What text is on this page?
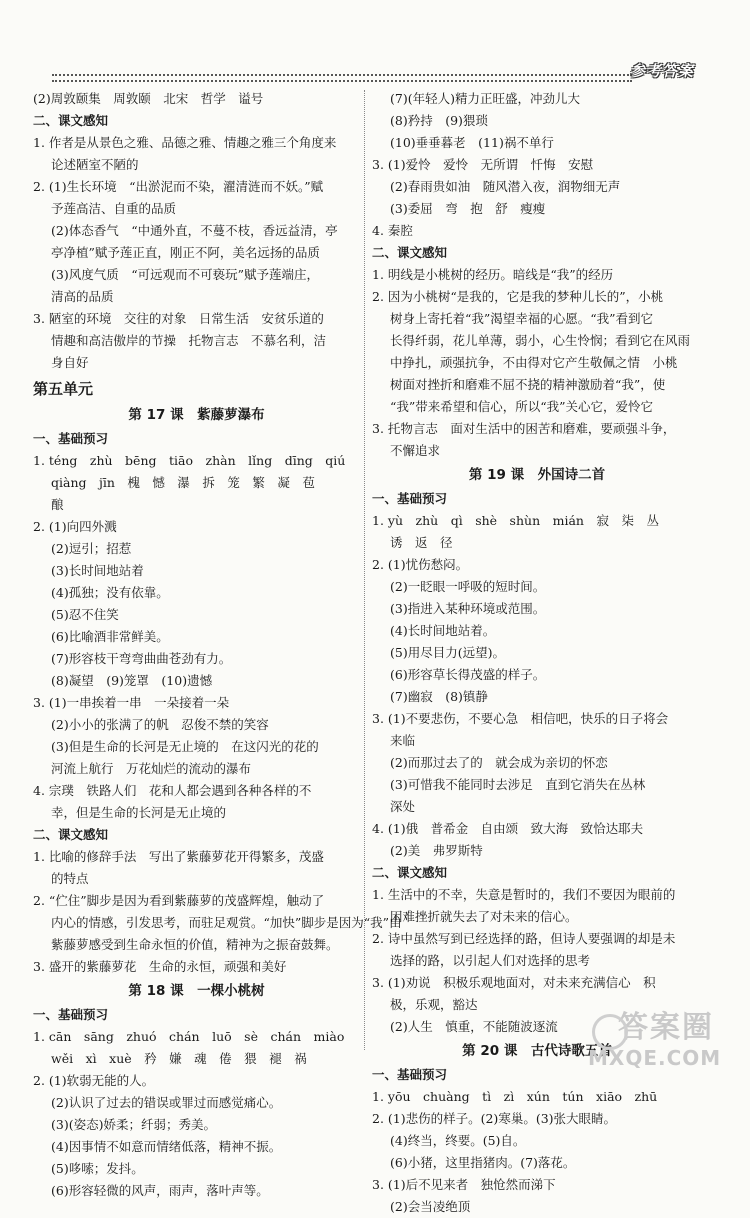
参考答案
(2)周敦颐集　周敦颐　北宋　哲学　谥号
二、课文感知
1. 作者是从景色之雅、品德之雅、情趣之雅三个角度来
论述陋室不陋的
2. (1)生长环境　“出淤泥而不染，濯清涟而不妖。”赋
予莲高洁、自重的品质
(2)体态香气　“中通外直，不蔓不枝，香远益清，亭
亭净植”赋予莲正直，刚正不阿，美名远扬的品质
(3)风度气质　“可远观而不可亵玩”赋予莲端庄，
清高的品质
3. 陋室的环境　交往的对象　日常生活　安贫乐道的
情趣和高洁傲岸的节操　托物言志　不慕名利，洁
身自好
第五单元
第 17 课　紫藤萝瀑布
一、基础预习
1. téng　zhù　bēng　tiāo　zhàn　lǐng　dīng　qiú
qiàng　jīn　槐　憾　瀑　拆　笼　繁　凝　苞
酿
2. (1)向四外溅
(2)逗引；招惹
(3)长时间地站着
(4)孤独；没有依靠。
(5)忍不住笑
(6)比喻酒非常鲜美。
(7)形容枝干弯弯曲曲苍劲有力。
(8)凝望　(9)笼罩　(10)遗憾
3. (1)一串挨着一串　一朵接着一朵
(2)小小的张满了的帆　忍俊不禁的笑容
(3)但是生命的长河是无止境的　在这闪光的花的
河流上航行　万花灿烂的流动的瀑布
4. 宗璞　铁路人们　花和人都会遇到各种各样的不
幸，但是生命的长河是无止境的
二、课文感知
1. 比喻的修辞手法　写出了紫藤萝花开得繁多，茂盛
的特点
2. “伫住”脚步是因为看到紫藤萝的茂盛辉煌，触动了
内心的情感，引发思考，而驻足观赏。“加快”脚步是因为“我”由
紫藤萝感受到生命永恒的价值，精神为之振奋鼓舞。
3. 盛开的紫藤萝花　生命的永恒，顽强和美好
第 18 课　一棵小桃树
一、基础预习
1. cān　sāng　zhuó　chán　luō　sè　chán　miào
wěi　xì　xuè　矜　嫌　魂　倦　猥　褪　祸
2. (1)软弱无能的人。
(2)认识了过去的错误或罪过而感觉痛心。
(3)(姿态)娇柔；纤弱；秀美。
(4)因事情不如意而情绪低落，精神不振。
(5)哆嗦；发抖。
(6)形容轻微的风声，雨声，落叶声等。
(7)(年轻人)精力正旺盛，冲劲儿大
(8)矜持　(9)猥琐
(10)垂垂暮老　(11)祸不单行
3. (1)爱怜　爱怜　无所谓　忏悔　安慰
(2)春雨贵如油　随风潜入夜，润物细无声
(3)委屈　弯　抱　舒　瘦瘦
4. 秦腔
二、课文感知
1. 明线是小桃树的经历。暗线是“我”的经历
2. 因为小桃树“是我的，它是我的梦种儿长的”，小桃
树身上寄托着“我”渴望幸福的心愿。“我”看到它
长得纤弱，花儿单薄，弱小，心生怜悯；看到它在风雨
中挣扎，顽强抗争，不由得对它产生敬佩之情　小桃
树面对挫折和磨难不屈不挠的精神激励着“我”，使
“我”带来希望和信心，所以“我”关心它，爱怜它
3. 托物言志　面对生活中的困苦和磨难，要顽强斗争，
不懈追求
第 19 课　外国诗二首
一、基础预习
1. yù　zhù　qì　shè　shùn　mián　寂　柒　丛
诱　返　径
2. (1)忧伤愁闷。
(2)一眨眼一呼吸的短时间。
(3)指进入某种环境或范围。
(4)长时间地站着。
(5)用尽目力(远望)。
(6)形容草长得茂盛的样子。
(7)幽寂　(8)镇静
3. (1)不要悲伤，不要心急　相信吧，快乐的日子将会
来临
(2)而那过去了的　就会成为亲切的怀恋
(3)可惜我不能同时去涉足　直到它消失在丛林
深处
4. (1)俄　普希金　自由颂　致大海　致恰达耶夫
(2)美　弗罗斯特
二、课文感知
1. 生活中的不幸，失意是暂时的，我们不要因为眼前的
困难挫折就失去了对未来的信心。
2. 诗中虽然写到已经选择的路，但诗人要强调的却是未
选择的路，以引起人们对选择的思考
3. (1)劝说　积极乐观地面对，对未来充满信心　积
极，乐观，豁达
(2)人生　慎重，不能随波逐流
第 20 课　古代诗歌五首
一、基础预习
1. yōu　chuàng　tì　zì　xún　tún　xiāo　zhū
2. (1)悲伤的样子。(2)寒巢。(3)张大眼睛。
(4)终当，终要。(5)自。
(6)小猪，这里指猪肉。(7)落花。
3. (1)后不见来者　独怆然而涕下
(2)会当凌绝顶
答案圈
MXQE.COM
